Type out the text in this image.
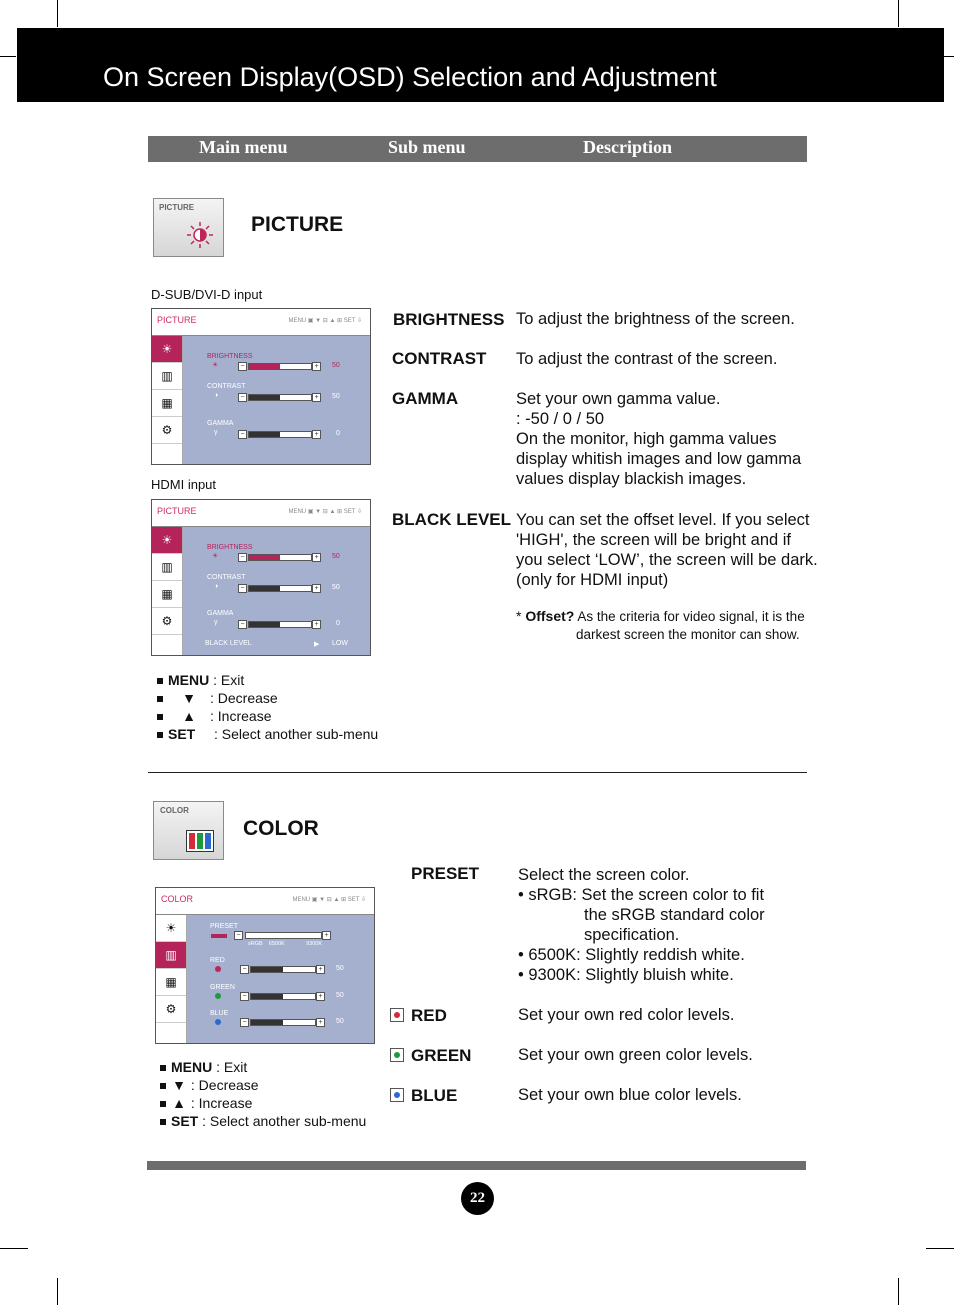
On Screen Display(OSD) Selection and Adjustment
Main menu	Sub menu	Description
PICTURE
PICTURE
D-SUB/DVI-D input
PICTURE	MENU ▣ ▼ ⊟ ▲ ⊞ SET ⇩
☀
▥
▦
⚙
BRIGHTNESS
☀	−	+	50
CONTRAST
◑	−	+	50
GAMMA
γ	−	+	0
HDMI input
PICTURE	MENU ▣ ▼ ⊟ ▲ ⊞ SET ⇩
☀
▥
▦
⚙
BRIGHTNESS
☀	−	+	50
CONTRAST
◑	−	+	50
GAMMA
γ	−	+	0
BLACK LEVEL	▶ LOW
MENU : Exit
▼ : Decrease
▲ : Increase
SET : Select another sub-menu
BRIGHTNESS To adjust the brightness of the screen.
CONTRAST To adjust the contrast of the screen.
GAMMA	Set your own gamma value.
: -50 / 0 / 50
On the monitor, high gamma values
display whitish images and low gamma
values display blackish images.
BLACK LEVEL You can set the offset level. If you select
'HIGH', the screen will be bright and if
you select ‘LOW’, the screen will be dark.
(only for HDMI input)
* Offset? As the criteria for video signal, it is the
darkest screen the monitor can show.
COLOR
COLOR
COLOR	MENU ▣ ▼ ⊟ ▲ ⊞ SET ⇩
☀
▥
▦
⚙
PRESET
−	+
sRGB    6500K              9300K
RED
−	+	50
GREEN
−	+	50
BLUE
−	+	50
MENU : Exit
▼ : Decrease
▲ : Increase
SET : Select another sub-menu
PRESET Select the screen color.
• sRGB: Set the screen color to fit
the sRGB standard color
specification.
• 6500K: Slightly reddish white.
• 9300K: Slightly bluish white.
RED	Set your own red color levels.
GREEN	Set your own green color levels.
BLUE	Set your own blue color levels.
22
